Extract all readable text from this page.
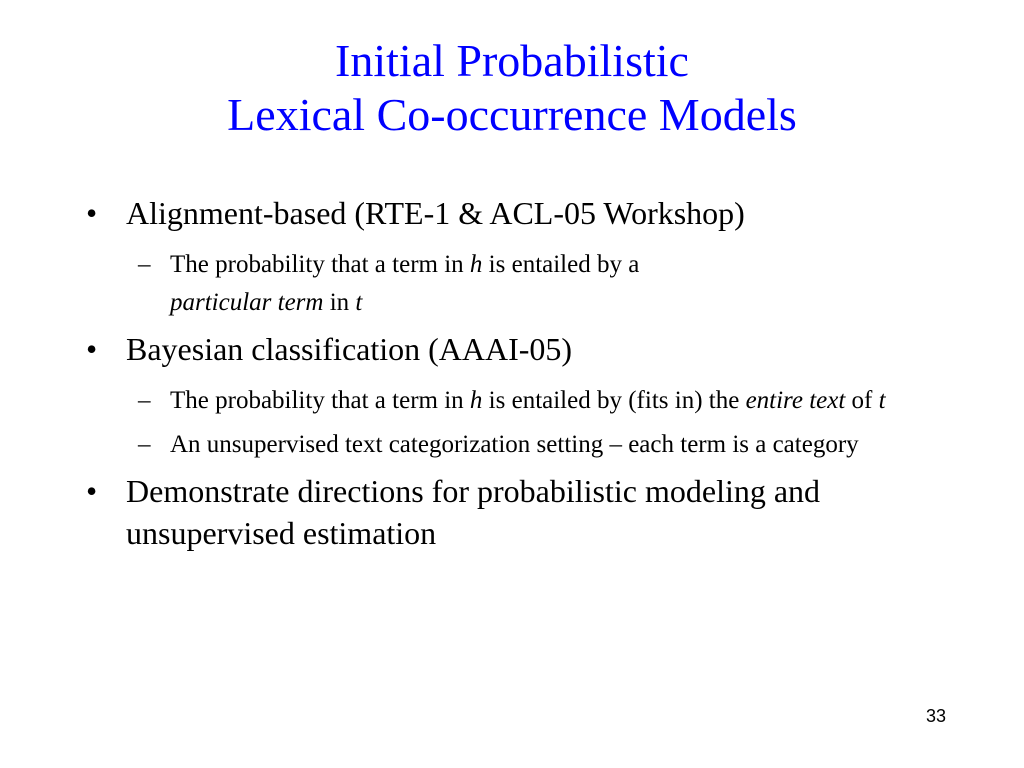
Initial Probabilistic
Lexical Co-occurrence Models
• Alignment-based (RTE-1 & ACL-05 Workshop)
– The probability that a term in h is entailed by a
particular term in t
• Bayesian classification (AAAI-05)
– The probability that a term in h is entailed by (fits in) the entire text of t
– An unsupervised text categorization setting – each term is a category
• Demonstrate directions for probabilistic modeling and unsupervised estimation
33
